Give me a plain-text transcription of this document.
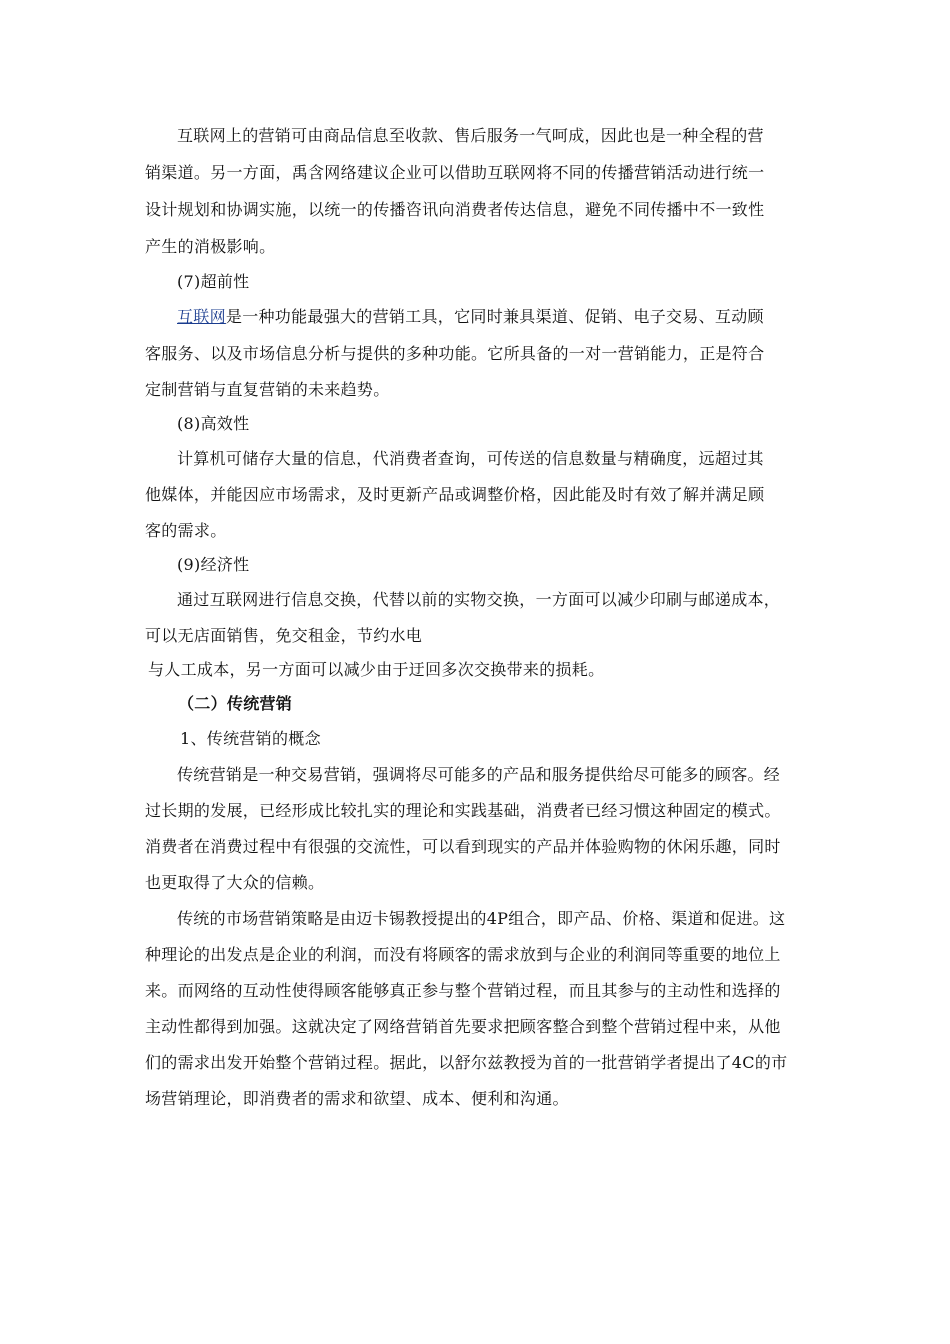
互联网上的营销可由商品信息至收款、售后服务一气呵成，因此也是一种全程的营
销渠道。另一方面，禹含网络建议企业可以借助互联网将不同的传播营销活动进行统一
设计规划和协调实施，以统一的传播咨讯向消费者传达信息，避免不同传播中不一致性
产生的消极影响。
(7)超前性
互联网是一种功能最强大的营销工具，它同时兼具渠道、促销、电子交易、互动顾
客服务、以及市场信息分析与提供的多种功能。它所具备的一对一营销能力，正是符合
定制营销与直复营销的未来趋势。
(8)高效性
计算机可储存大量的信息，代消费者查询，可传送的信息数量与精确度，远超过其
他媒体，并能因应市场需求，及时更新产品或调整价格，因此能及时有效了解并满足顾
客的需求。
(9)经济性
通过互联网进行信息交换，代替以前的实物交换，一方面可以减少印刷与邮递成本，
可以无店面销售，免交租金，节约水电
与人工成本，另一方面可以减少由于迂回多次交换带来的损耗。
（二）传统营销
1、传统营销的概念
传统营销是一种交易营销，强调将尽可能多的产品和服务提供给尽可能多的顾客。经
过长期的发展，已经形成比较扎实的理论和实践基础，消费者已经习惯这种固定的模式。
消费者在消费过程中有很强的交流性，可以看到现实的产品并体验购物的休闲乐趣，同时
也更取得了大众的信赖。
传统的市场营销策略是由迈卡锡教授提出的4P组合，即产品、价格、渠道和促进。这
种理论的出发点是企业的利润，而没有将顾客的需求放到与企业的利润同等重要的地位上
来。而网络的互动性使得顾客能够真正参与整个营销过程，而且其参与的主动性和选择的
主动性都得到加强。这就决定了网络营销首先要求把顾客整合到整个营销过程中来，从他
们的需求出发开始整个营销过程。据此，以舒尔兹教授为首的一批营销学者提出了4C的市
场营销理论，即消费者的需求和欲望、成本、便利和沟通。
